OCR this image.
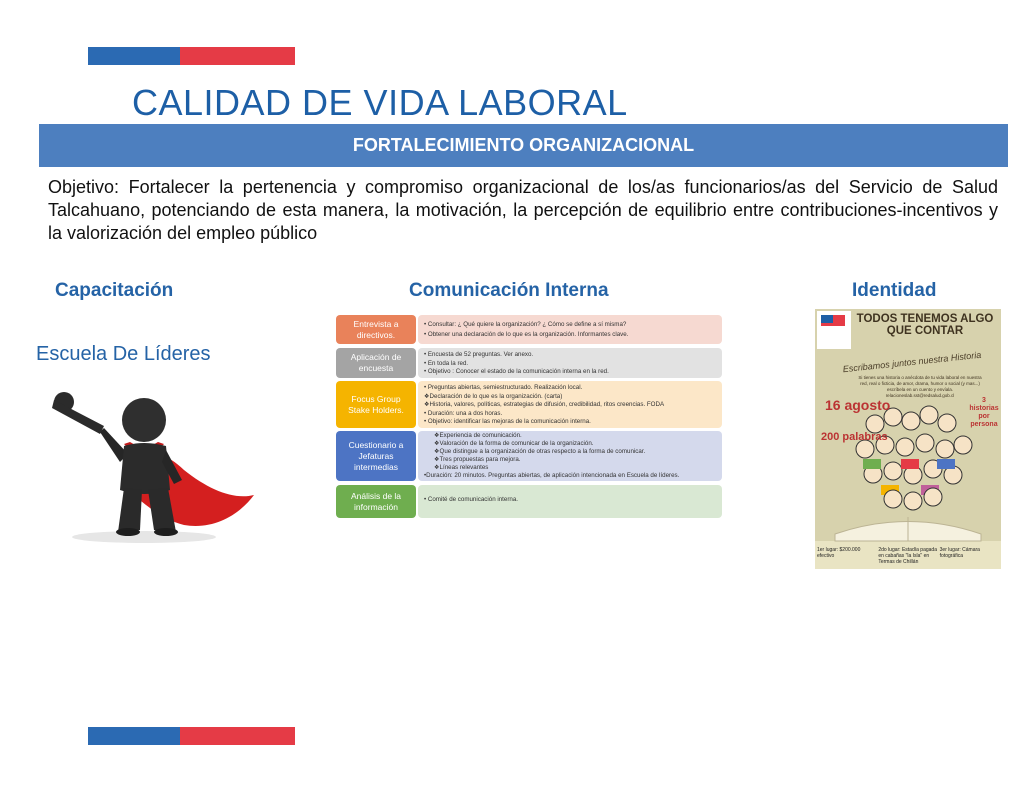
CALIDAD DE VIDA LABORAL
FORTALECIMIENTO ORGANIZACIONAL

Objetivo: Fortalecer la pertenencia y compromiso organizacional de los/as funcionarios/as del Servicio de Salud Talcahuano, potenciando de esta manera, la motivación, la percepción de equilibrio entre contribuciones-incentivos y la valorización del empleo público

Capacitación	Comunicación Interna	Identidad
Escuela De Líderes
Entrevista a directivos.
• Consultar: ¿ Qué quiere la organización? ¿ Cómo se define a sí misma?
• Obtener una declaración de lo que es la organización. Informantes clave.
Aplicación de encuesta
• Encuesta de 52 preguntas. Ver anexo.
• En toda la red.
• Objetivo : Conocer el estado de la comunicación interna en la red.
Focus Group Stake Holders.
• Preguntas abiertas, semiestructurado. Realización local.
❖Declaración de lo que es la organización. (carta)
❖Historia, valores, políticas, estrategias de difusión, credibilidad, ritos creencias. FODA
• Duración: una a dos horas.
• Objetivo: identificar las mejoras de la comunicación interna.
Cuestionario a Jefaturas intermedias
❖Experiencia de comunicación.
❖Valoración de la forma de comunicar de la organización.
❖Que distingue a la organización de otras respecto a la forma de comunicar.
❖Tres propuestas para mejora.
❖Líneas relevantes
•Duración: 20 minutos. Preguntas abiertas, de aplicación intencionada en Escuela de líderes.
Análisis de la información
• Comité de comunicación interna.
TODOS TENEMOS ALGO QUE CONTAR
Escribamos juntos nuestra Historia
Si tienes una historia o anécdota de tu vida laboral en nuestra red, real o ficticia, de amor, drama, humor o social (y mas...) escríbela en un cuento y envíala. relacioneslab.sst@redsalud.gob.cl
16 agosto
200 palabras
3 historias por persona
1er lugar: $200.000 efectivo
2do lugar: Estadía pagada en cabañas "la Isla" en Termas de Chillán
3er lugar: Cámara fotográfica
